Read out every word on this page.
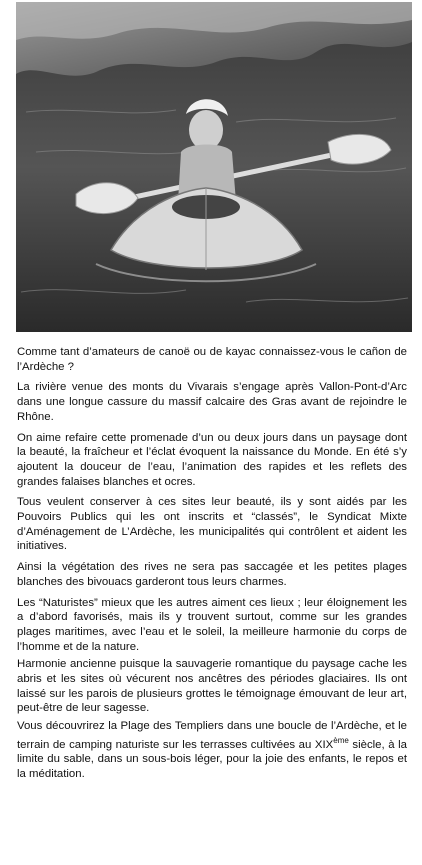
Comme tant d’amateurs de canoë ou de kayac connaissez-vous le cañon de l’Ardèche ?

La rivière venue des monts du Vivarais s’engage après Vallon-Pont-d’Arc dans une longue cassure du massif calcaire des Gras avant de rejoindre le Rhône.

On aime refaire cette promenade d’un ou deux jours dans un paysage dont la beauté, la fraîcheur et l’éclat évoquent la naissance du Monde. En été s’y ajoutent la douceur de l’eau, l’animation des rapides et les reflets des grandes falaises blanches et ocres.

Tous veulent conserver à ces sites leur beauté, ils y sont aidés par les Pouvoirs Publics qui les ont inscrits et “classés”, le Syndicat Mixte d’Aménagement de L’Ardèche, les municipalités qui contrôlent et aident les initiatives.

Ainsi la végétation des rives ne sera pas saccagée et les petites plages blanches des bivouacs garderont tous leurs charmes.

Les “Naturistes” mieux que les autres aiment ces lieux ; leur éloignement les a d’abord favorisés, mais ils y trouvent surtout, comme sur les grandes plages maritimes, avec l’eau et le soleil, la meilleure harmonie du corps de l’homme et de la nature.

Harmonie ancienne puisque la sauvagerie romantique du paysage cache les abris et les sites où vécurent nos ancêtres des périodes glaciaires. Ils ont laissé sur les parois de plusieurs grottes le témoignage émouvant de leur art, peut-être de leur sagesse.

Vous découvrirez la Plage des Templiers dans une boucle de l’Ardèche, et le terrain de camping naturiste sur les terrasses cultivées au XIXème siècle, à la limite du sable, dans un sous-bois léger, pour la joie des enfants, le repos et la méditation.
